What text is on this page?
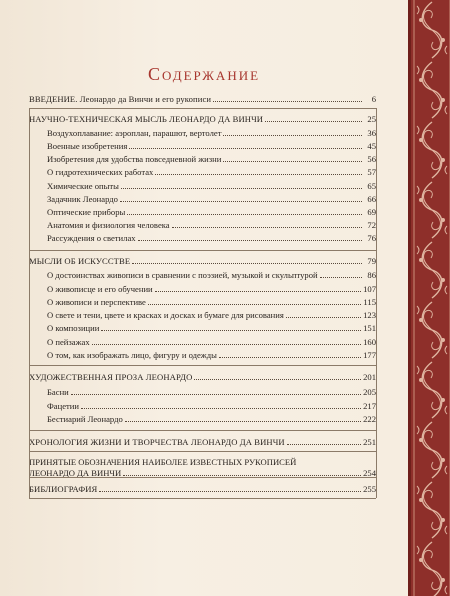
Содержание
ВВЕДЕНИЕ. Леонардо да Винчи и его рукописи	6
НАУЧНО-ТЕХНИЧЕСКАЯ МЫСЛЬ ЛЕОНАРДО ДА ВИНЧИ	25
Воздухоплавание: аэроплан, парашют, вертолет	36
Военные изобретения	45
Изобретения для удобства повседневной жизни	56
О гидротехнических работах	57
Химические опыты	65
Задачник Леонардо	66
Оптические приборы	69
Анатомия и физиология человека	72
Рассуждения о светилах	76
МЫСЛИ ОБ ИСКУССТВЕ	79
О достоинствах живописи в сравнении с поэзией, музыкой и скульптурой	86
О живописце и его обучении	107
О живописи и перспективе	115
О свете и тени, цвете и красках и досках и бумаге для рисования	123
О композиции	151
О пейзажах	160
О том, как изображать лицо, фигуру и одежды	177
ХУДОЖЕСТВЕННАЯ ПРОЗА ЛЕОНАРДО	201
Басни	205
Фацетии	217
Бестиарий Леонардо	222
ХРОНОЛОГИЯ ЖИЗНИ И ТВОРЧЕСТВА ЛЕОНАРДО ДА ВИНЧИ	251
ПРИНЯТЫЕ ОБОЗНАЧЕНИЯ НАИБОЛЕЕ ИЗВЕСТНЫХ РУКОПИСЕЙ
ЛЕОНАРДО ДА ВИНЧИ	254
БИБЛИОГРАФИЯ	255
